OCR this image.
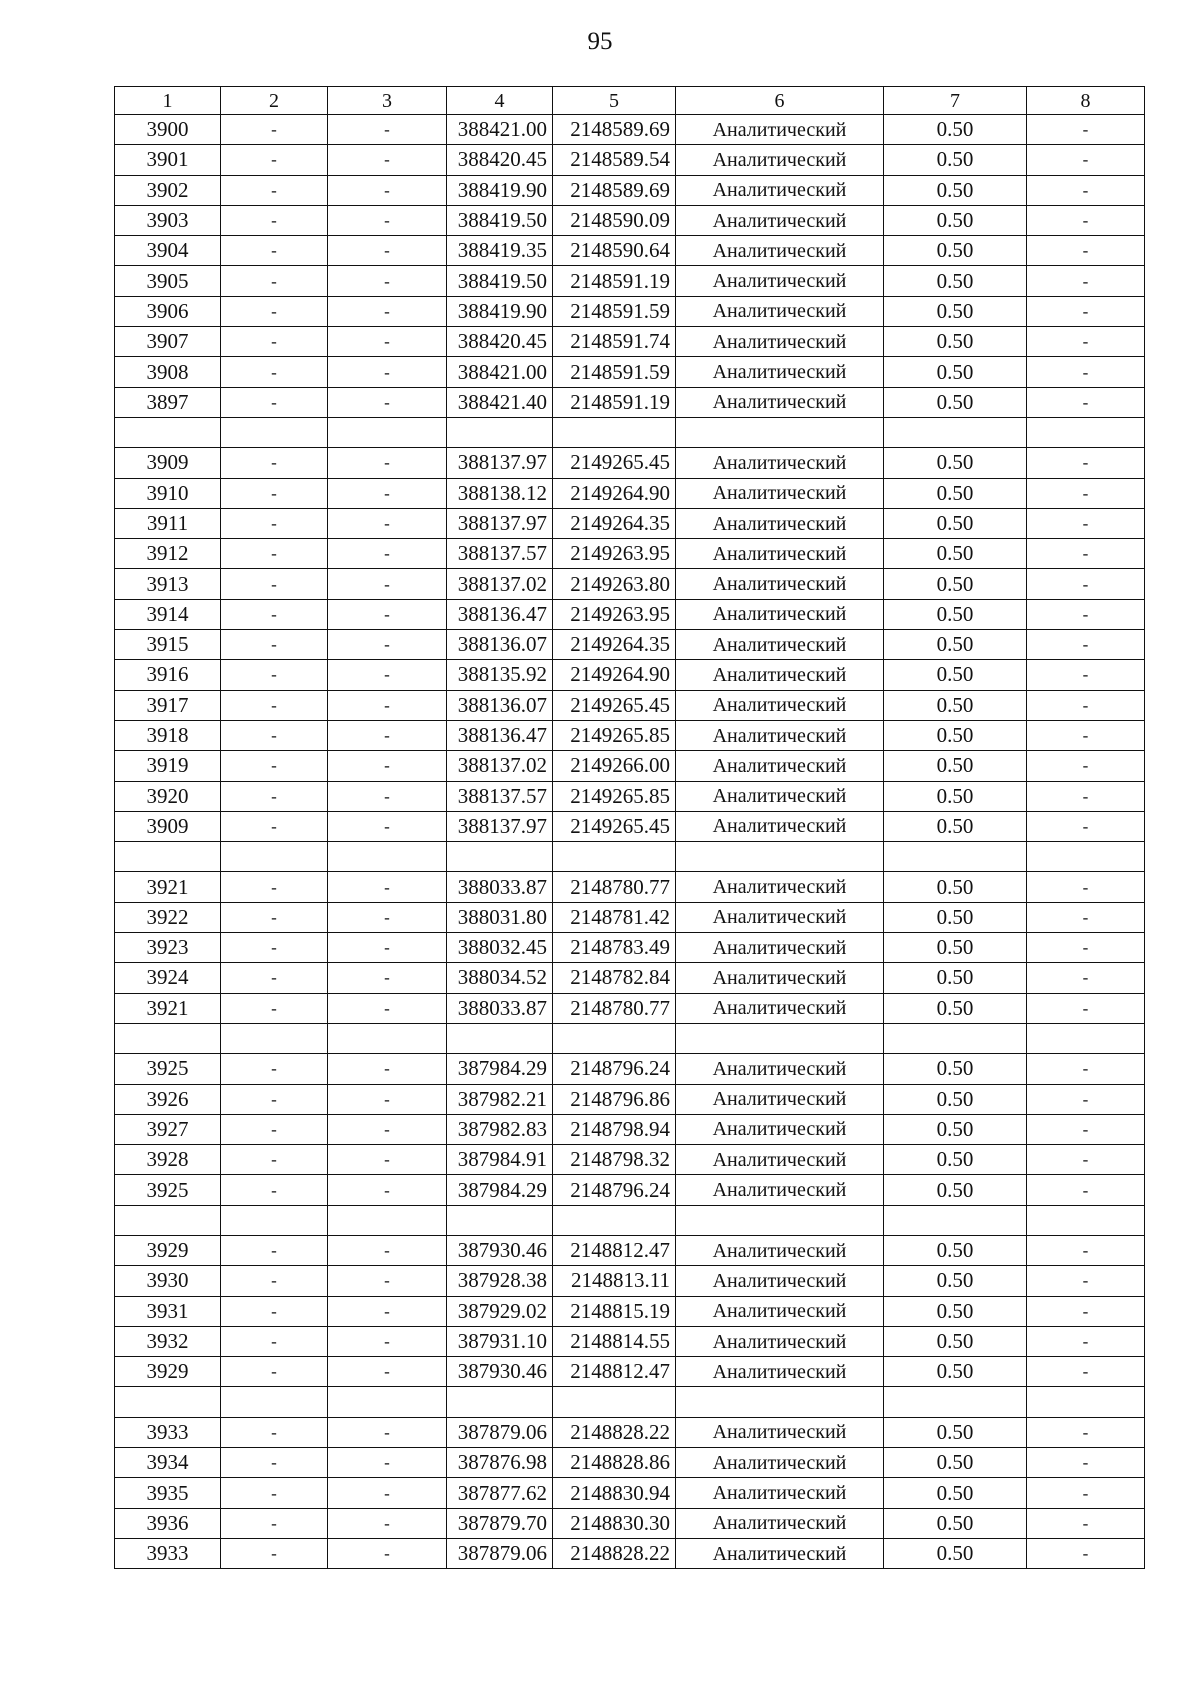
95
1	2	3	4	5	6	7	8
3900	-	-	388421.00	2148589.69	Аналитический	0.50	-
3901	-	-	388420.45	2148589.54	Аналитический	0.50	-
3902	-	-	388419.90	2148589.69	Аналитический	0.50	-
3903	-	-	388419.50	2148590.09	Аналитический	0.50	-
3904	-	-	388419.35	2148590.64	Аналитический	0.50	-
3905	-	-	388419.50	2148591.19	Аналитический	0.50	-
3906	-	-	388419.90	2148591.59	Аналитический	0.50	-
3907	-	-	388420.45	2148591.74	Аналитический	0.50	-
3908	-	-	388421.00	2148591.59	Аналитический	0.50	-
3897	-	-	388421.40	2148591.19	Аналитический	0.50	-

3909	-	-	388137.97	2149265.45	Аналитический	0.50	-
3910	-	-	388138.12	2149264.90	Аналитический	0.50	-
3911	-	-	388137.97	2149264.35	Аналитический	0.50	-
3912	-	-	388137.57	2149263.95	Аналитический	0.50	-
3913	-	-	388137.02	2149263.80	Аналитический	0.50	-
3914	-	-	388136.47	2149263.95	Аналитический	0.50	-
3915	-	-	388136.07	2149264.35	Аналитический	0.50	-
3916	-	-	388135.92	2149264.90	Аналитический	0.50	-
3917	-	-	388136.07	2149265.45	Аналитический	0.50	-
3918	-	-	388136.47	2149265.85	Аналитический	0.50	-
3919	-	-	388137.02	2149266.00	Аналитический	0.50	-
3920	-	-	388137.57	2149265.85	Аналитический	0.50	-
3909	-	-	388137.97	2149265.45	Аналитический	0.50	-

3921	-	-	388033.87	2148780.77	Аналитический	0.50	-
3922	-	-	388031.80	2148781.42	Аналитический	0.50	-
3923	-	-	388032.45	2148783.49	Аналитический	0.50	-
3924	-	-	388034.52	2148782.84	Аналитический	0.50	-
3921	-	-	388033.87	2148780.77	Аналитический	0.50	-

3925	-	-	387984.29	2148796.24	Аналитический	0.50	-
3926	-	-	387982.21	2148796.86	Аналитический	0.50	-
3927	-	-	387982.83	2148798.94	Аналитический	0.50	-
3928	-	-	387984.91	2148798.32	Аналитический	0.50	-
3925	-	-	387984.29	2148796.24	Аналитический	0.50	-

3929	-	-	387930.46	2148812.47	Аналитический	0.50	-
3930	-	-	387928.38	2148813.11	Аналитический	0.50	-
3931	-	-	387929.02	2148815.19	Аналитический	0.50	-
3932	-	-	387931.10	2148814.55	Аналитический	0.50	-
3929	-	-	387930.46	2148812.47	Аналитический	0.50	-

3933	-	-	387879.06	2148828.22	Аналитический	0.50	-
3934	-	-	387876.98	2148828.86	Аналитический	0.50	-
3935	-	-	387877.62	2148830.94	Аналитический	0.50	-
3936	-	-	387879.70	2148830.30	Аналитический	0.50	-
3933	-	-	387879.06	2148828.22	Аналитический	0.50	-
